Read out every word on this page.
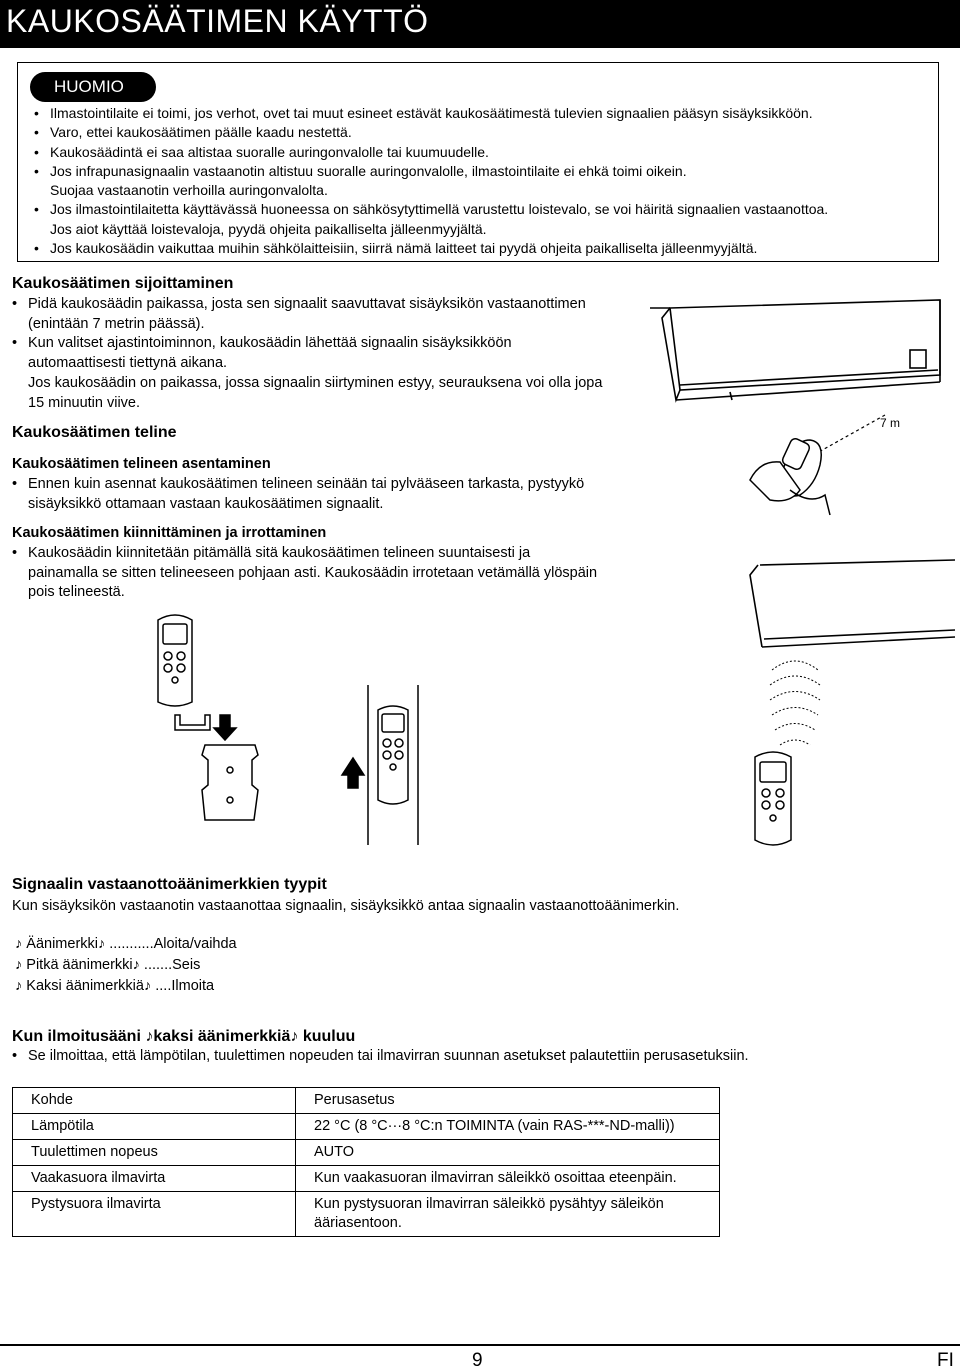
KAUKOSÄÄTIMEN KÄYTTÖ
HUOMIO
• Ilmastointilaite ei toimi, jos verhot, ovet tai muut esineet estävät kaukosäätimestä tulevien signaalien pääsyn sisäyksikköön.
• Varo, ettei kaukosäätimen päälle kaadu nestettä.
• Kaukosäädintä ei saa altistaa suoralle auringonvalolle tai kuumuudelle.
• Jos infrapunasignaalin vastaanotin altistuu suoralle auringonvalolle, ilmastointilaite ei ehkä toimi oikein.
Suojaa vastaanotin verhoilla auringonvalolta.
• Jos ilmastointilaitetta käyttävässä huoneessa on sähkösytyttimellä varustettu loistevalo, se voi häiritä signaalien vastaanottoa.
Jos aiot käyttää loistevaloja, pyydä ohjeita paikalliselta jälleenmyyjältä.
• Jos kaukosäädin vaikuttaa muihin sähkölaitteisiin, siirrä nämä laitteet tai pyydä ohjeita paikalliselta jälleenmyyjältä.
Kaukosäätimen sijoittaminen
• Pidä kaukosäädin paikassa, josta sen signaalit saavuttavat sisäyksikön vastaanottimen (enintään 7 metrin päässä).
• Kun valitset ajastintoiminnon, kaukosäädin lähettää signaalin sisäyksikköön automaattisesti tiettynä aikana.
Jos kaukosäädin on paikassa, jossa signaalin siirtyminen estyy, seurauksena voi olla jopa 15 minuutin viive.
Kaukosäätimen teline
Kaukosäätimen telineen asentaminen
• Ennen kuin asennat kaukosäätimen telineen seinään tai pylvääseen tarkasta, pystyykö sisäyksikkö ottamaan vastaan kaukosäätimen signaalit.
Kaukosäätimen kiinnittäminen ja irrottaminen
• Kaukosäädin kiinnitetään pitämällä sitä kaukosäätimen telineen suuntaisesti ja painamalla se sitten telineeseen pohjaan asti. Kaukosäädin irrotetaan vetämällä ylöspäin pois telineestä.
7 m
Signaalin vastaanottoäänimerkkien tyypit
Kun sisäyksikön vastaanotin vastaanottaa signaalin, sisäyksikkö antaa signaalin vastaanottoäänimerkin.
♪ Äänimerkki♪ ...........Aloita/vaihda
♪ Pitkä äänimerkki♪ .......Seis
♪ Kaksi äänimerkkiä♪ ....Ilmoita
Kun ilmoitusääni ♪kaksi äänimerkkiä♪ kuuluu
• Se ilmoittaa, että lämpötilan, tuulettimen nopeuden tai ilmavirran suunnan asetukset palautettiin perusasetuksiin.
Kohde	Perusasetus
Lämpötila	22 °C (8 °C···8 °C:n TOIMINTA (vain RAS-***-ND-malli))
Tuulettimen nopeus	AUTO
Vaakasuora ilmavirta	Kun vaakasuoran ilmavirran säleikkö osoittaa eteenpäin.
Pystysuora ilmavirta	Kun pystysuoran ilmavirran säleikkö pysähtyy säleikön ääriasentoon.
9	FI
